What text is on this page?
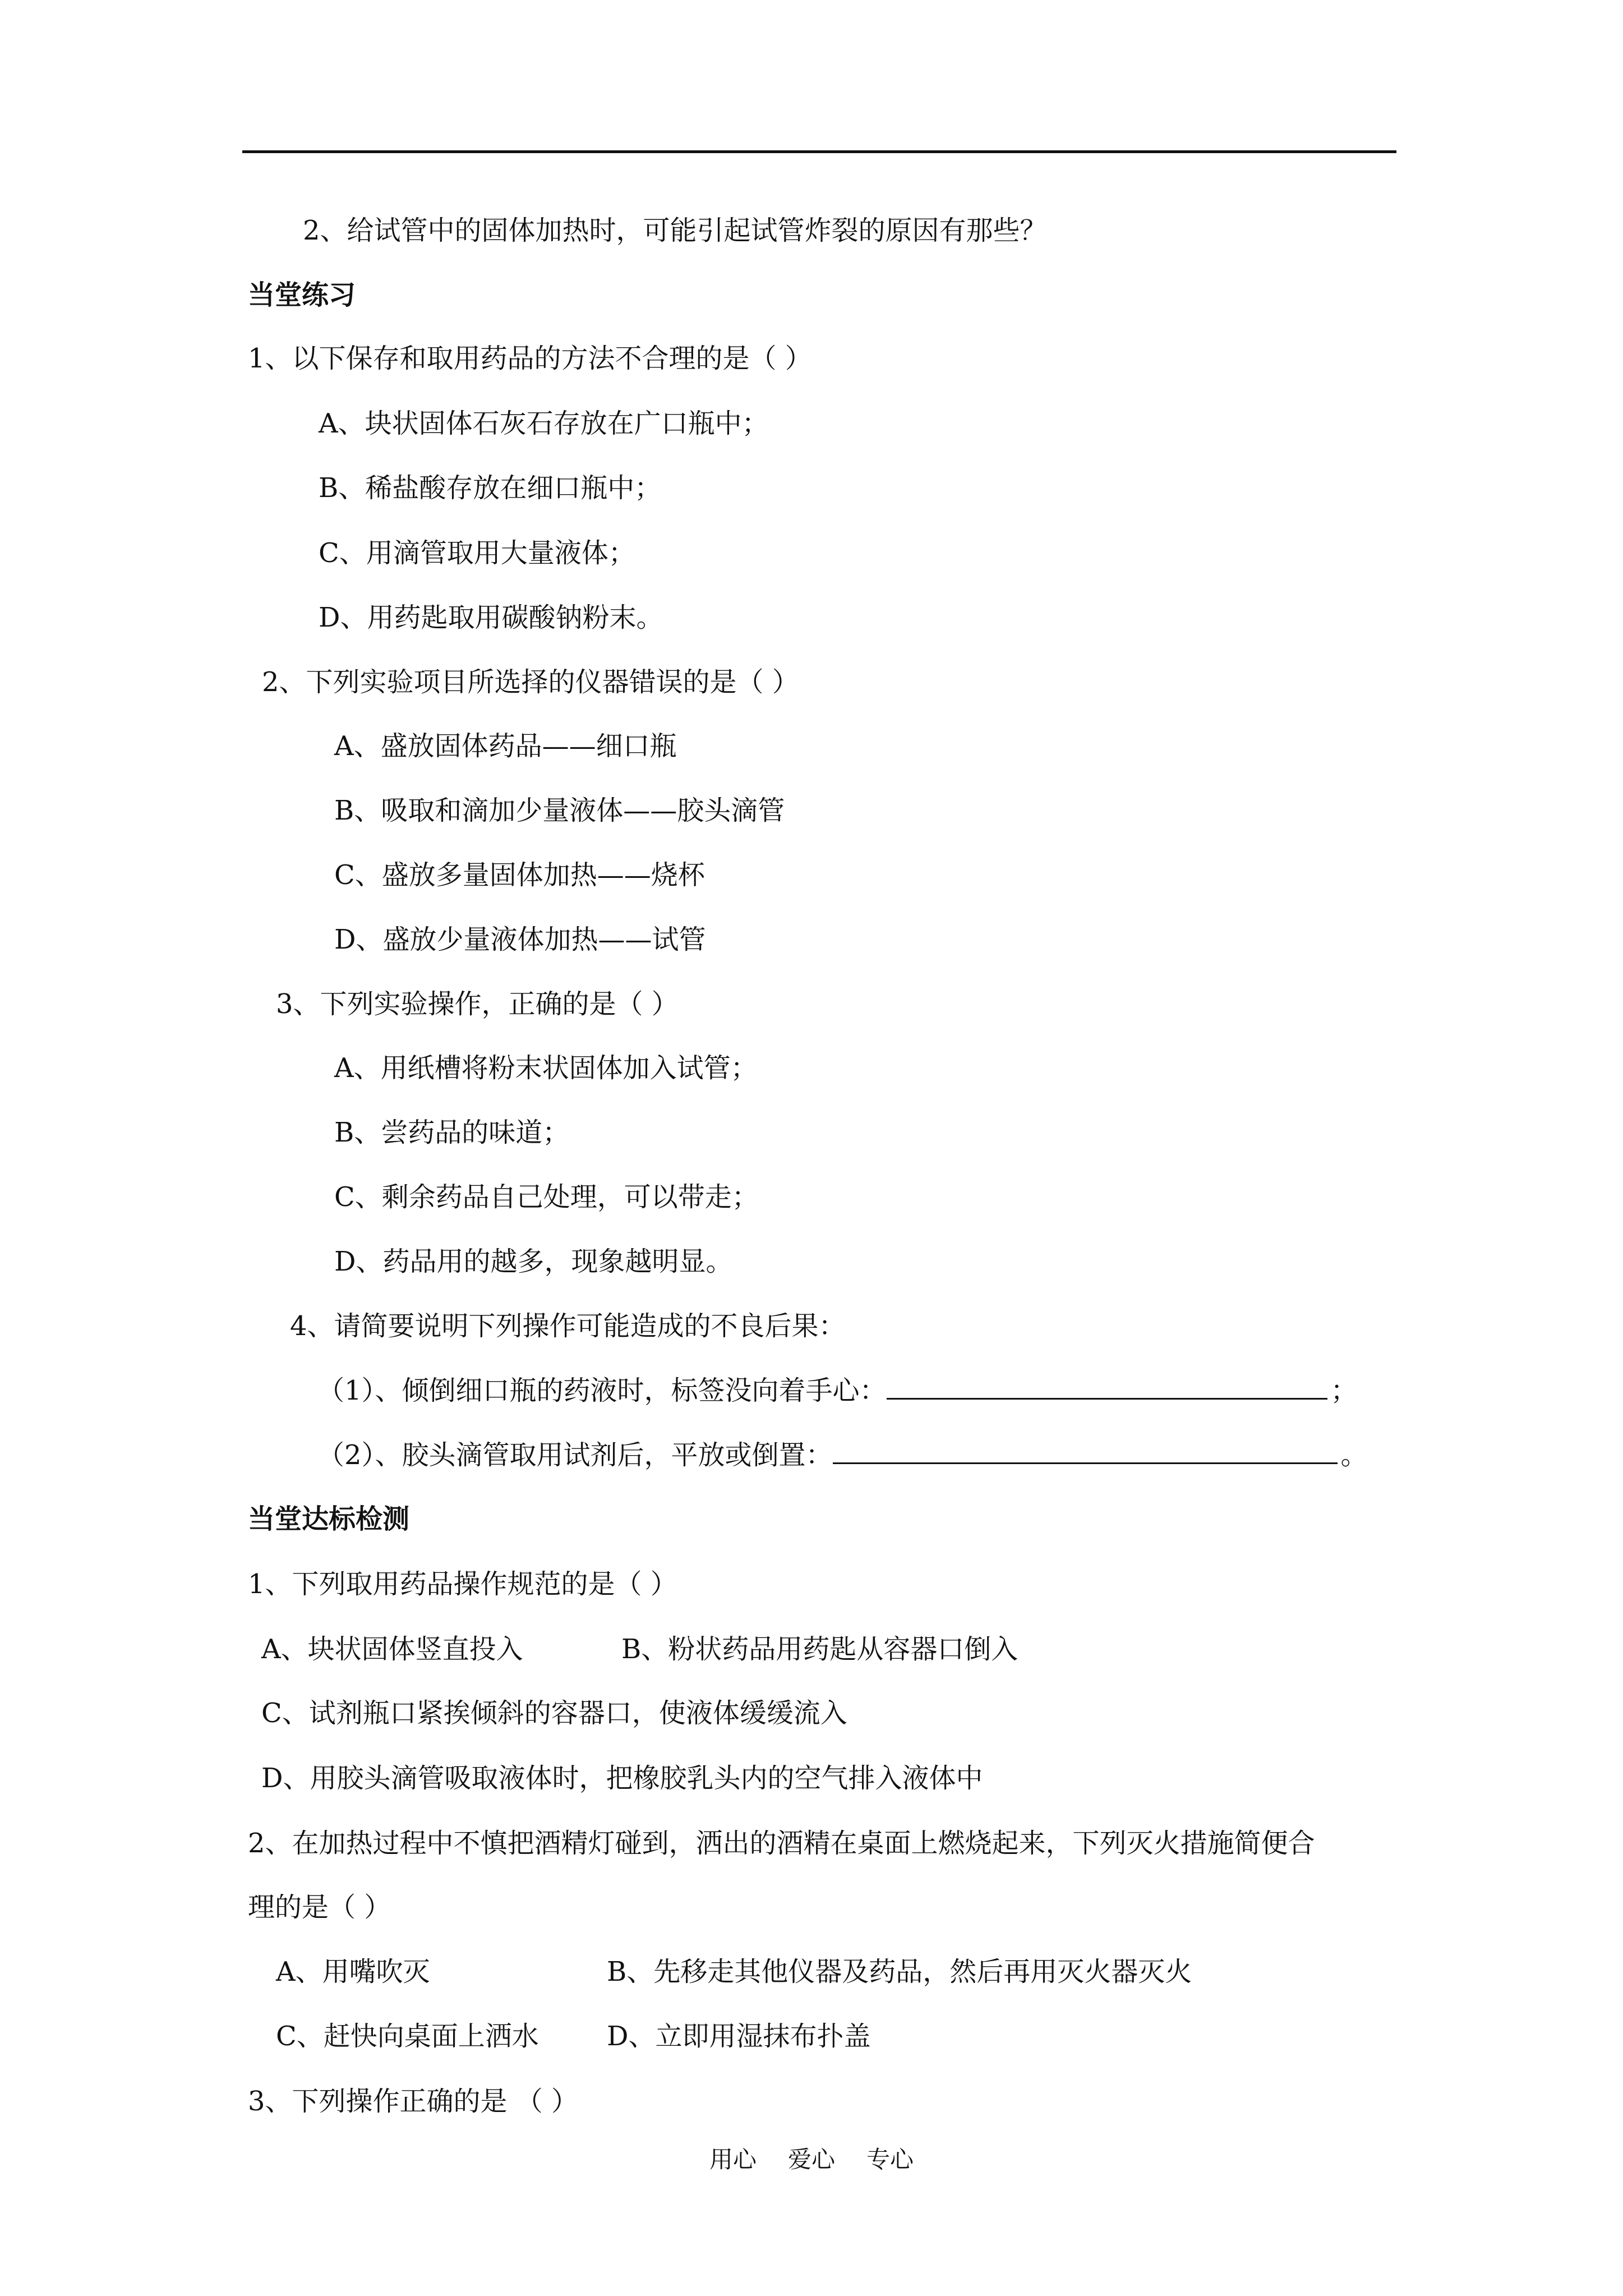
2、给试管中的固体加热时，可能引起试管炸裂的原因有那些？
当堂练习
1、以下保存和取用药品的方法不合理的是（ ）
A、块状固体石灰石存放在广口瓶中；
B、稀盐酸存放在细口瓶中；
C、用滴管取用大量液体；
D、用药匙取用碳酸钠粉末。
2、下列实验项目所选择的仪器错误的是（ ）
A、盛放固体药品——细口瓶
B、吸取和滴加少量液体——胶头滴管
C、盛放多量固体加热——烧杯
D、盛放少量液体加热——试管
3、下列实验操作，正确的是（ ）
A、用纸槽将粉末状固体加入试管；
B、尝药品的味道；
C、剩余药品自己处理，可以带走；
D、药品用的越多，现象越明显。
4、请简要说明下列操作可能造成的不良后果：
（1）、倾倒细口瓶的药液时，标签没向着手心：	；
（2）、胶头滴管取用试剂后，平放或倒置：	。
当堂达标检测
1、下列取用药品操作规范的是（ ）
A、块状固体竖直投入	B、粉状药品用药匙从容器口倒入
C、试剂瓶口紧挨倾斜的容器口，使液体缓缓流入
D、用胶头滴管吸取液体时，把橡胶乳头内的空气排入液体中
2、在加热过程中不慎把酒精灯碰到，洒出的酒精在桌面上燃烧起来，下列灭火措施简便合
理的是（ ）
A、用嘴吹灭	B、先移走其他仪器及药品，然后再用灭火器灭火
C、赶快向桌面上洒水	D、立即用湿抹布扑盖
3、下列操作正确的是 （ ）
用心 爱心 专心
